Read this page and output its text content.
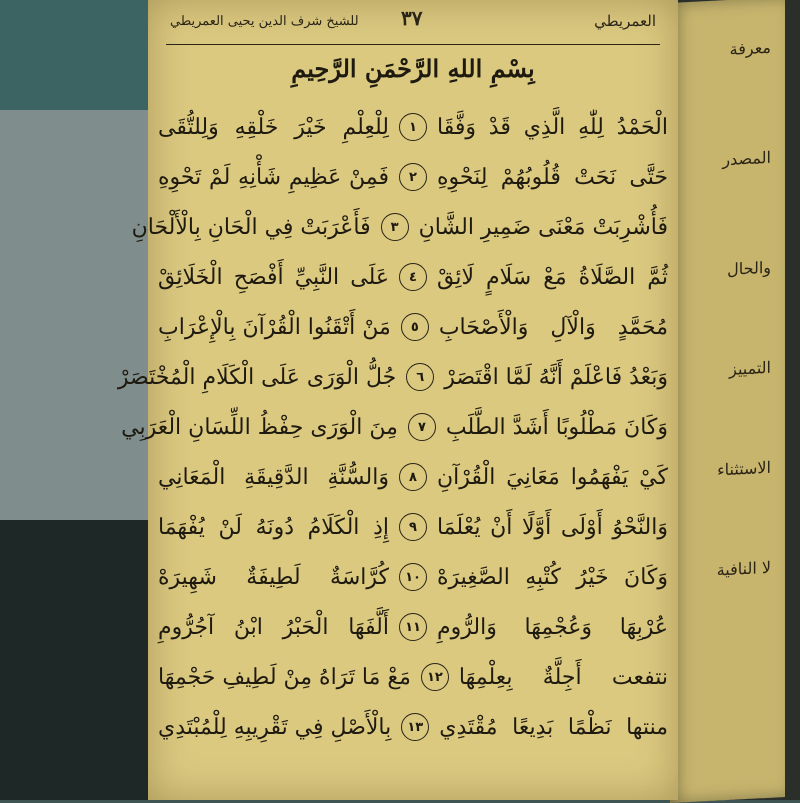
معرفة
المصدر
والحال
التمييز
الاستثناء
لا النافية
العمريطي
٣٧
للشيخ شرف الدين يحيى العمريطي
بِسْمِ اللهِ الرَّحْمَنِ الرَّحِيمِ
الْحَمْدُ لِلّٰهِ الَّذِي قَدْ وَفَّقَا
١
لِلْعِلْمِ خَيْرَ خَلْقِهِ وَلِلتُّقَى
حَتَّى نَحَتْ قُلُوبُهُمْ لِنَحْوِهِ
٢
فَمِنْ عَظِيمِ شَأْنِهِ لَمْ تَحْوِهِ
فَأُشْرِبَتْ مَعْنَى ضَمِيرِ الشَّانِ
٣
فَأَعْرَبَتْ فِي الْحَانِ بِالْأَلْحَانِ
ثُمَّ الصَّلَاةُ مَعْ سَلَامٍ لَائِقْ
٤
عَلَى النَّبِيِّ أَفْصَحِ الْخَلَائِقْ
مُحَمَّدٍ وَالْآلِ وَالْأَصْحَابِ
٥
مَنْ أَتْقَنُوا الْقُرْآنَ بِالْإِعْرَابِ
وَبَعْدُ فَاعْلَمْ أَنَّهُ لَمَّا اقْتَصَرْ
٦
جُلُّ الْوَرَى عَلَى الْكَلَامِ الْمُخْتَصَرْ
وَكَانَ مَطْلُوبًا أَشَدَّ الطَّلَبِ
٧
مِنَ الْوَرَى حِفْظُ اللِّسَانِ الْعَرَبِي
كَيْ يَفْهَمُوا مَعَانِيَ الْقُرْآنِ
٨
وَالسُّنَّةِ الدَّقِيقَةِ الْمَعَانِي
وَالنَّحْوُ أَوْلَى أَوَّلًا أَنْ يُعْلَمَا
٩
إِذِ الْكَلَامُ دُونَهُ لَنْ يُفْهَمَا
وَكَانَ خَيْرُ كُتْبِهِ الصَّغِيرَهْ
١٠
كُرَّاسَةٌ لَطِيفَةٌ شَهِيرَهْ
عُرْبِهَا وَعُجْمِهَا وَالرُّومِ
١١
أَلَّفَهَا الْحَبْرُ ابْنُ آجُرُّومِ
نتفعت أَجِلَّةٌ بِعِلْمِهَا
١٢
مَعْ مَا تَرَاهُ مِنْ لَطِيفِ حَجْمِهَا
منتها نَظْمًا بَدِيعًا مُقْتَدِي
١٣
بِالْأَصْلِ فِي تَقْرِيبِهِ لِلْمُبْتَدِي
